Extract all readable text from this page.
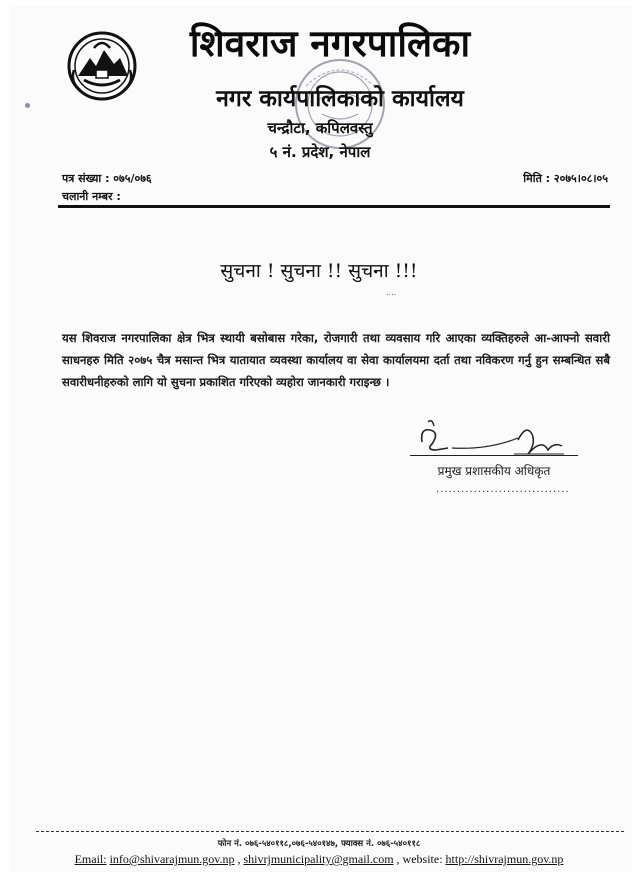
शिवराज नगरपालिका
नगर कार्यपालिकाको कार्यालय
चन्द्रौटा, कपिलवस्तु
५ नं. प्रदेश, नेपाल
पत्र संख्या : ०७५/०७६
चलानी नम्बर :
मिति : २०७५।०८।०५
सुचना ! सुचना !! सुचना !!!
....
यस शिवराज नगरपालिका क्षेत्र भित्र स्थायी बसोबास गरेका, रोजगारी तथा व्यवसाय गरि आएका व्यक्तिहरुले आ-आफ्नो सवारी साधनहरु मिति २०७५ चैत्र मसान्त भित्र यातायात व्यवस्था कार्यालय वा सेवा कार्यालयमा दर्ता तथा नविकरण गर्नु हुन सम्बन्धित सबै सवारीधनीहरुको लागि यो सुचना प्रकाशित गरिएको व्यहोरा जानकारी गराइन्छ ।
प्रमुख प्रशासकीय अधिकृत
................................
फोन नं. ०७६-५४०११८,०७६-५४०१४७, फ्याक्स नं. ०७६-५४०११८
Email: info@shivarajmun.gov.np , shivrjmunicipality@gmail.com , website: http://shivrajmun.gov.np
